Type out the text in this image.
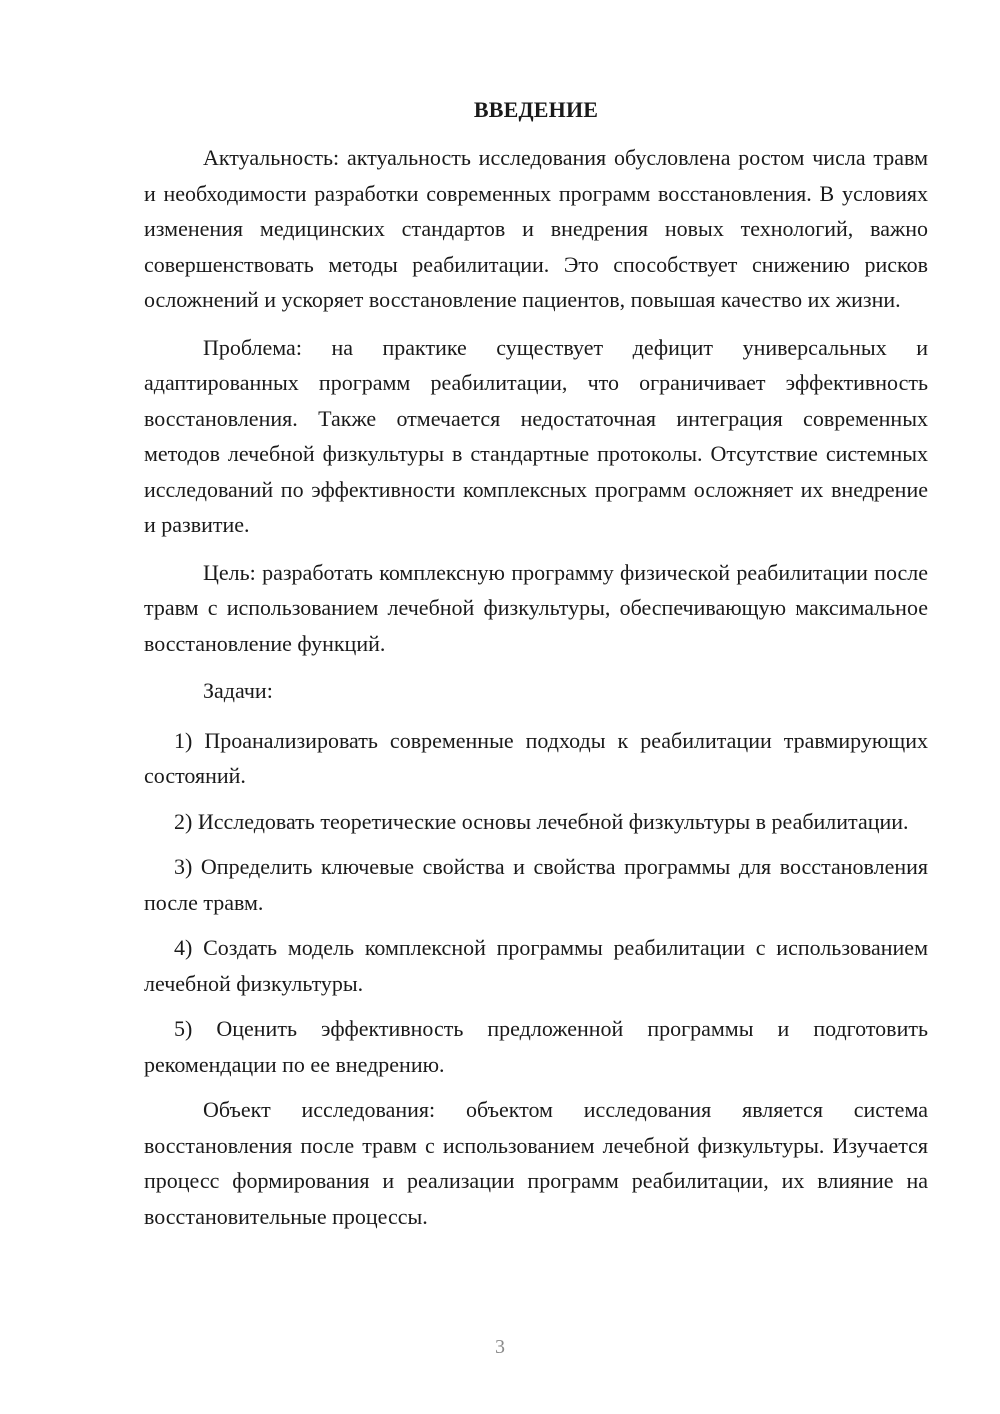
ВВЕДЕНИЕ

Актуальность: актуальность исследования обусловлена ростом числа травм и необходимости разработки современных программ восстановления. В условиях изменения медицинских стандартов и внедрения новых технологий, важно совершенствовать методы реабилитации. Это способствует снижению рисков осложнений и ускоряет восстановление пациентов, повышая качество их жизни.

Проблема: на практике существует дефицит универсальных и адаптированных программ реабилитации, что ограничивает эффективность восстановления. Также отмечается недостаточная интеграция современных методов лечебной физкультуры в стандартные протоколы. Отсутствие системных исследований по эффективности комплексных программ осложняет их внедрение и развитие.

Цель: разработать комплексную программу физической реабилитации после травм с использованием лечебной физкультуры, обеспечивающую максимальное восстановление функций.

Задачи:

1) Проанализировать современные подходы к реабилитации травмирующих состояний.

2) Исследовать теоретические основы лечебной физкультуры в реабилитации.

3) Определить ключевые свойства и свойства программы для восстановления после травм.

4) Создать модель комплексной программы реабилитации с использованием лечебной физкультуры.

5) Оценить эффективность предложенной программы и подготовить рекомендации по ее внедрению.

Объект исследования: объектом исследования является система восстановления после травм с использованием лечебной физкультуры. Изучается процесс формирования и реализации программ реабилитации, их влияние на восстановительные процессы.

3
